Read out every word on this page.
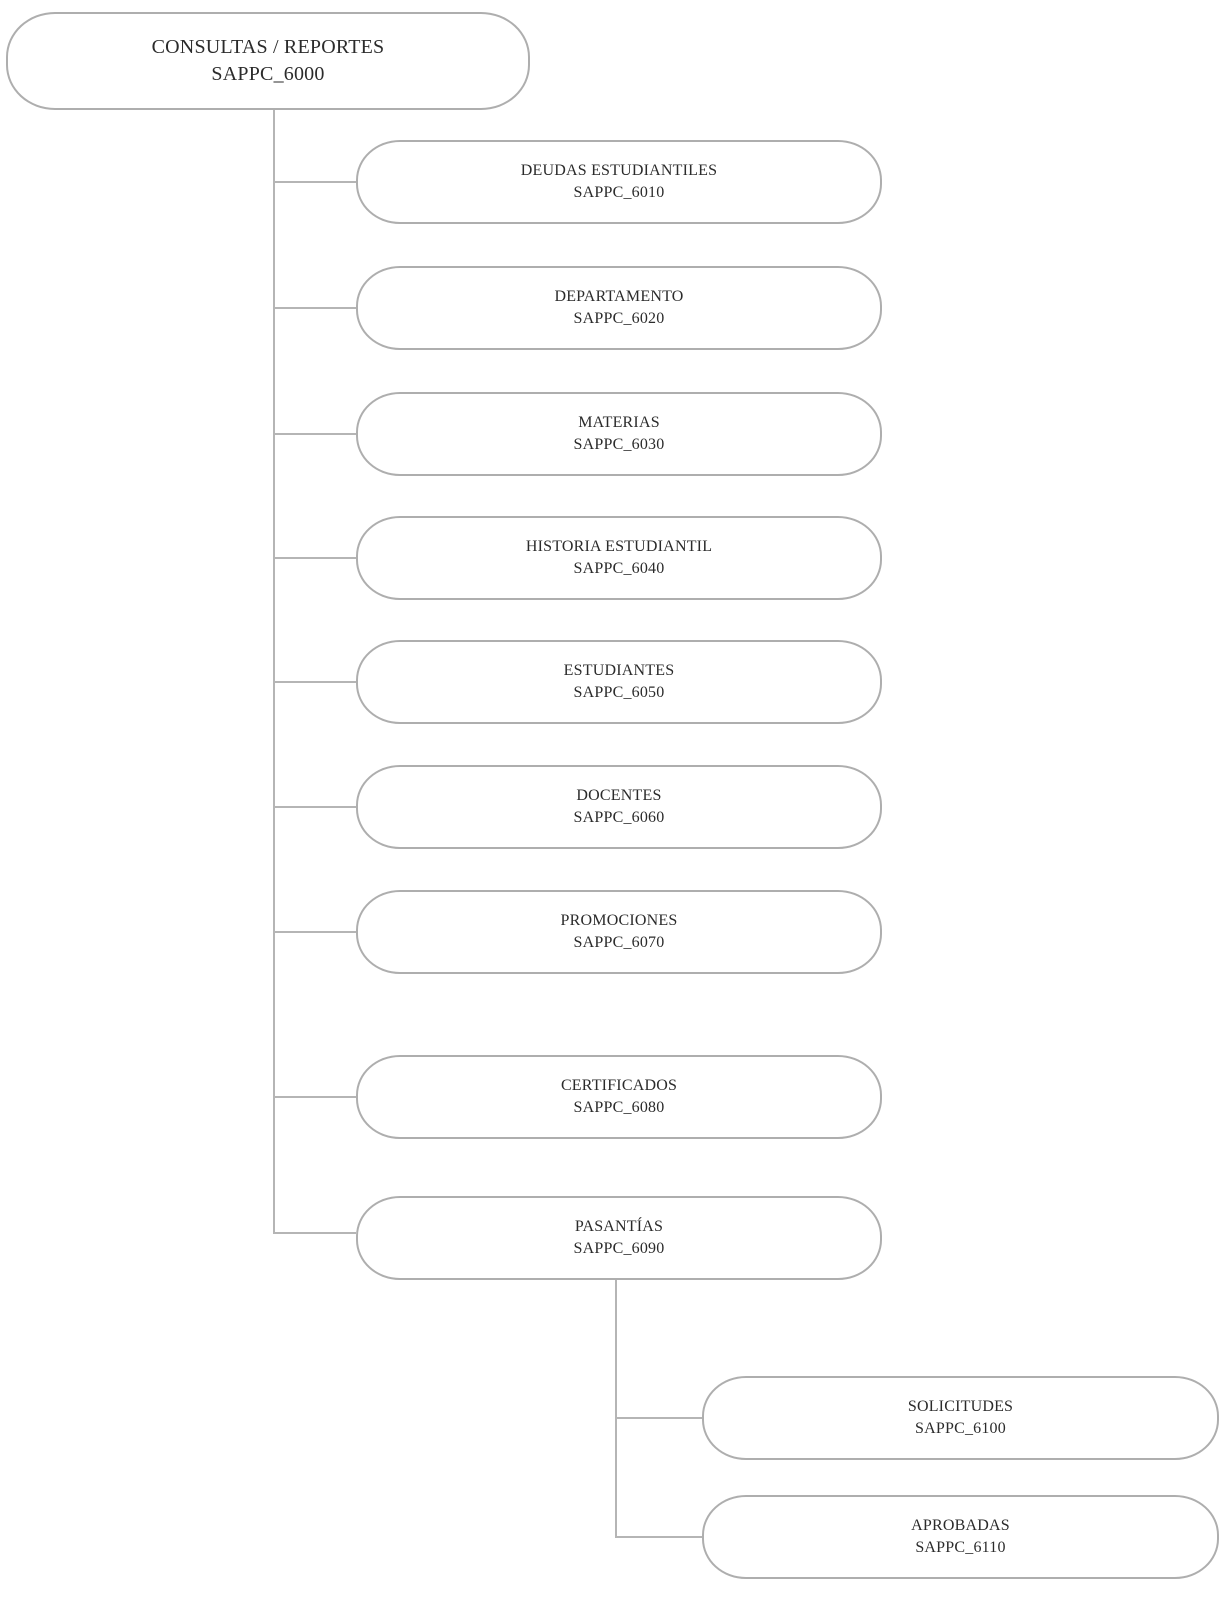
CONSULTAS / REPORTES
SAPPC_6000
DEUDAS ESTUDIANTILES
SAPPC_6010
DEPARTAMENTO
SAPPC_6020
MATERIAS
SAPPC_6030
HISTORIA ESTUDIANTIL
SAPPC_6040
ESTUDIANTES
SAPPC_6050
DOCENTES
SAPPC_6060
PROMOCIONES
SAPPC_6070
CERTIFICADOS
SAPPC_6080
PASANTÍAS
SAPPC_6090
SOLICITUDES
SAPPC_6100
APROBADAS
SAPPC_6110
